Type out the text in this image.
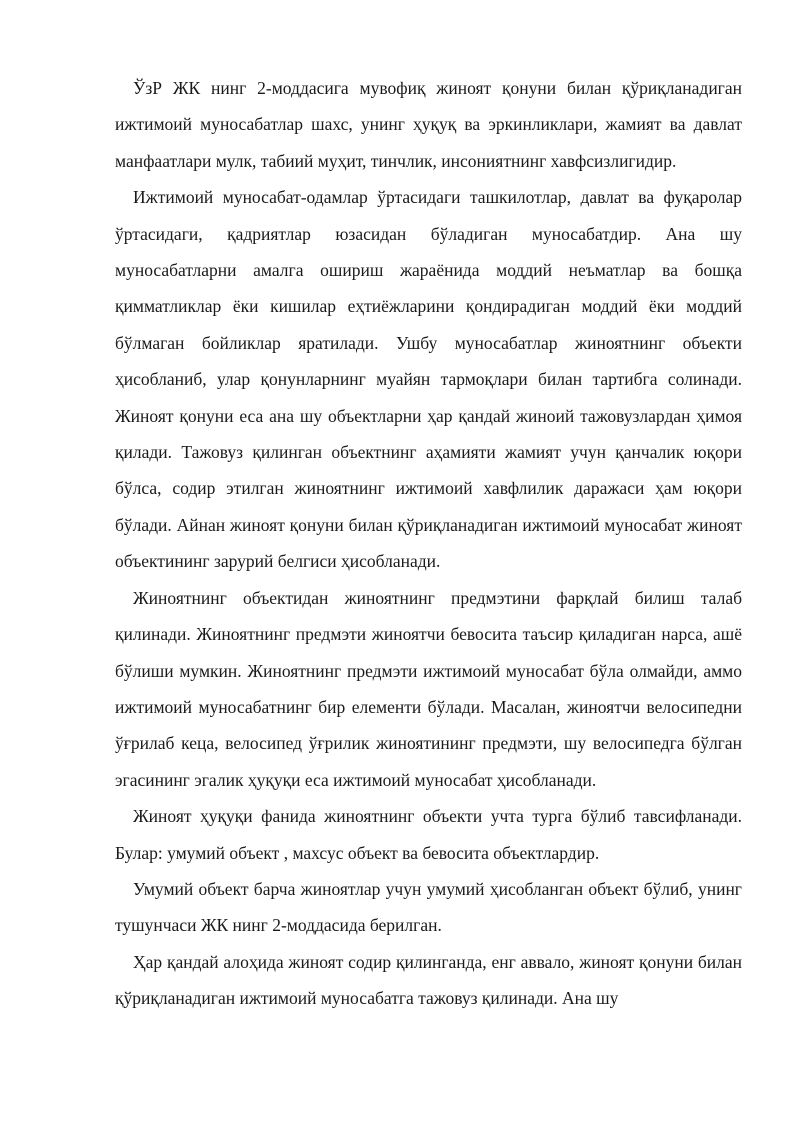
ЎзР ЖК нинг 2-моддасига мувофиқ жиноят қонуни билан қўриқланадиган ижтимоий муносабатлар шахс, унинг ҳуқуқ ва эркинликлари, жамият ва давлат манфаатлари мулк, табиий муҳит, тинчлик, инсониятнинг хавфсизлигидир.

Ижтимоий муносабат-одамлар ўртасидаги ташкилотлар, давлат ва фуқаролар ўртасидаги, қадриятлар юзасидан бўладиган муносабатдир. Ана шу муносабатларни амалга ошириш жараёнида моддий неъматлар ва бошқа қимматликлар ёки кишилар еҳтиёжларини қондирадиган моддий ёки моддий бўлмаган бойликлар яратилади. Ушбу муносабатлар жиноятнинг объекти ҳисобланиб, улар қонунларнинг муайян тармоқлари билан тартибга солинади. Жиноят қонуни еса ана шу объектларни ҳар қандай жиноий тажовузлардан ҳимоя қилади. Тажовуз қилинган объектнинг аҳамияти жамият учун қанчалик юқори бўлса, содир этилган жиноятнинг ижтимоий хавфлилик даражаси ҳам юқори бўлади. Айнан жиноят қонуни билан қўриқланадиган ижтимоий муносабат жиноят объектининг зарурий белгиси ҳисобланади.

Жиноятнинг объектидан жиноятнинг предмэтини фарқлай билиш талаб қилинади. Жиноятнинг предмэти жиноятчи бевосита таъсир қиладиган нарса, ашё бўлиши мумкин. Жиноятнинг предмэти ижтимоий муносабат бўла олмайди, аммо ижтимоий муносабатнинг бир елементи бўлади. Масалан, жиноятчи велосипедни ўғрилаб кеца, велосипед ўғрилик жиноятининг предмэти, шу велосипедга бўлган эгасининг эгалик ҳуқуқи еса ижтимоий муносабат ҳисобланади.

Жиноят ҳуқуқи фанида жиноятнинг объекти учта турга бўлиб тавсифланади. Булар: умумий объект , махсус объект ва бевосита объектлардир.

Умумий объект барча жиноятлар учун умумий ҳисобланган объект бўлиб, унинг тушунчаси ЖК нинг 2-моддасида берилган.

Ҳар қандай алоҳида жиноят содир қилинганда, енг аввало, жиноят қонуни билан қўриқланадиган ижтимоий муносабатга тажовуз қилинади. Ана шу
